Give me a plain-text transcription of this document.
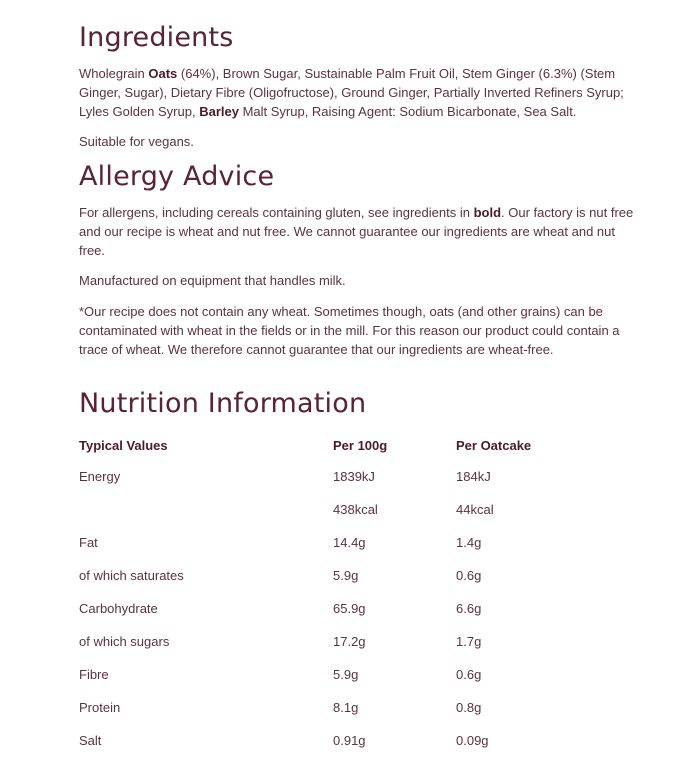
Ingredients

Wholegrain Oats (64%), Brown Sugar, Sustainable Palm Fruit Oil, Stem Ginger (6.3%) (Stem Ginger, Sugar), Dietary Fibre (Oligofructose), Ground Ginger, Partially Inverted Refiners Syrup; Lyles Golden Syrup, Barley Malt Syrup, Raising Agent: Sodium Bicarbonate, Sea Salt.

Suitable for vegans.

Allergy Advice

For allergens, including cereals containing gluten, see ingredients in bold. Our factory is nut free and our recipe is wheat and nut free. We cannot guarantee our ingredients are wheat and nut free.

Manufactured on equipment that handles milk.

*Our recipe does not contain any wheat. Sometimes though, oats (and other grains) can be contaminated with wheat in the fields or in the mill. For this reason our product could contain a trace of wheat. We therefore cannot guarantee that our ingredients are wheat-free.

Nutrition Information
Typical Values	Per 100g	Per Oatcake
Energy	1839kJ	184kJ
	438kcal	44kcal
Fat	14.4g	1.4g
of which saturates	5.9g	0.6g
Carbohydrate	65.9g	6.6g
of which sugars	17.2g	1.7g
Fibre	5.9g	0.6g
Protein	8.1g	0.8g
Salt	0.91g	0.09g
